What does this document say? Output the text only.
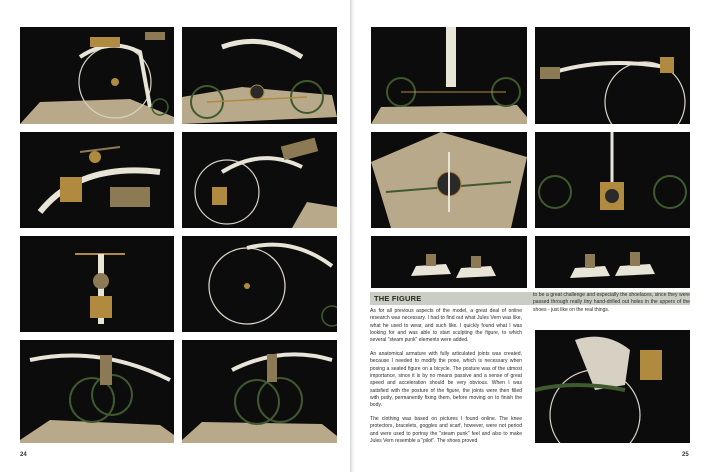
THE FIGURE

As for all previous aspects of the model, a great deal of online research was necessary. I had to find out what Jules Vern was like, what he used to wear, and such like. I quickly found what I was looking for and was able to start sculpting the figure, to which several "steam punk" elements were added.

An anatomical armature with fully articulated joints was created, because I needed to modify the pose, which is necessary when posing a seated figure on a bicycle. The posture was of the utmost importance, since it is by no means passive and a sense of great speed and acceleration should be very obvious. When I was satisfied with the posture of the figure, the joints were then filled with putty, permanently fixing them, before moving on to finish the body.

The clothing was based on pictures I found online. The knee protectors, bracelets, goggles and scarf, however, were not period and were used to portray the "steam punk" feel and also to make Jules Vern resemble a "pilot". The shoes proved

to be a great challenge and especially the shoelaces, since they were passed through really tiny hand-drilled out holes in the uppers of the shoes - just like on the real things.

24	25
